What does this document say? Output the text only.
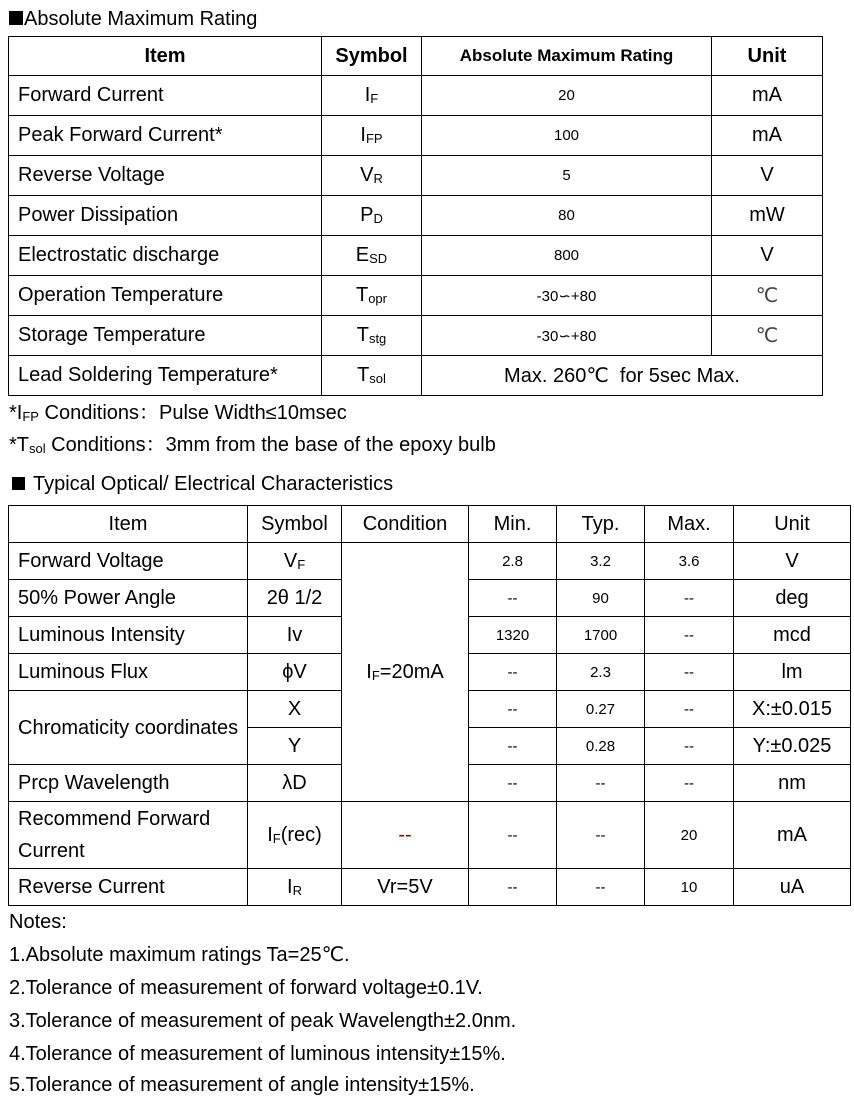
Absolute Maximum Rating
Item	Symbol	Absolute Maximum Rating	Unit
Forward Current	IF	20	mA
Peak Forward Current*	IFP	100	mA
Reverse Voltage	VR	5	V
Power Dissipation	PD	80	mW
Electrostatic discharge	ESD	800	V
Operation Temperature	Topr	-30∽+80	℃
Storage Temperature	Tstg	-30∽+80	℃
Lead Soldering Temperature*	Tsol	Max. 260℃  for 5sec Max.	
*IFP Conditions：Pulse Width≤10msec
*Tsol Conditions：3mm from the base of the epoxy bulb
Typical Optical/ Electrical Characteristics
Item	Symbol	Condition	Min.	Typ.	Max.	Unit
Forward Voltage	VF	IF=20mA	2.8	3.2	3.6	V
50% Power Angle	2θ 1/2		--	90	--	deg
Luminous Intensity	Iv		1320	1700	--	mcd
Luminous Flux	ϕV		--	2.3	--	lm
Chromaticity coordinates	X		--	0.27	--	X:±0.015
	Y		--	0.28	--	Y:±0.025
Prcp Wavelength	λD		--	--	--	nm
Recommend Forward Current	IF(rec)	--	--	--	20	mA
Reverse Current	IR	Vr=5V	--	--	10	uA
Notes:
1.Absolute maximum ratings Ta=25℃.
2.Tolerance of measurement of forward voltage±0.1V.
3.Tolerance of measurement of peak Wavelength±2.0nm.
4.Tolerance of measurement of luminous intensity±15%.
5.Tolerance of measurement of angle intensity±15%.
